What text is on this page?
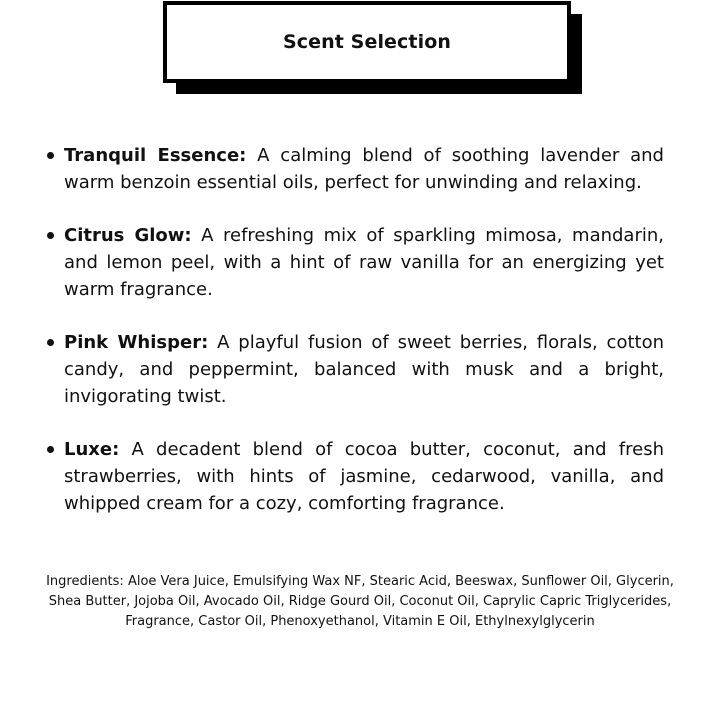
Scent Selection
Tranquil Essence: A calming blend of soothing lavender and warm benzoin essential oils, perfect for unwinding and relaxing.
Citrus Glow: A refreshing mix of sparkling mimosa, mandarin, and lemon peel, with a hint of raw vanilla for an energizing yet warm fragrance.
Pink Whisper: A playful fusion of sweet berries, florals, cotton candy, and peppermint, balanced with musk and a bright, invigorating twist.
Luxe: A decadent blend of cocoa butter, coconut, and fresh strawberries, with hints of jasmine, cedarwood, vanilla, and whipped cream for a cozy, comforting fragrance.
Ingredients: Aloe Vera Juice, Emulsifying Wax NF, Stearic Acid, Beeswax, Sunflower Oil, Glycerin, Shea Butter, Jojoba Oil, Avocado Oil, Ridge Gourd Oil, Coconut Oil, Caprylic Capric Triglycerides, Fragrance, Castor Oil, Phenoxyethanol, Vitamin E Oil, Ethylnexylglycerin
